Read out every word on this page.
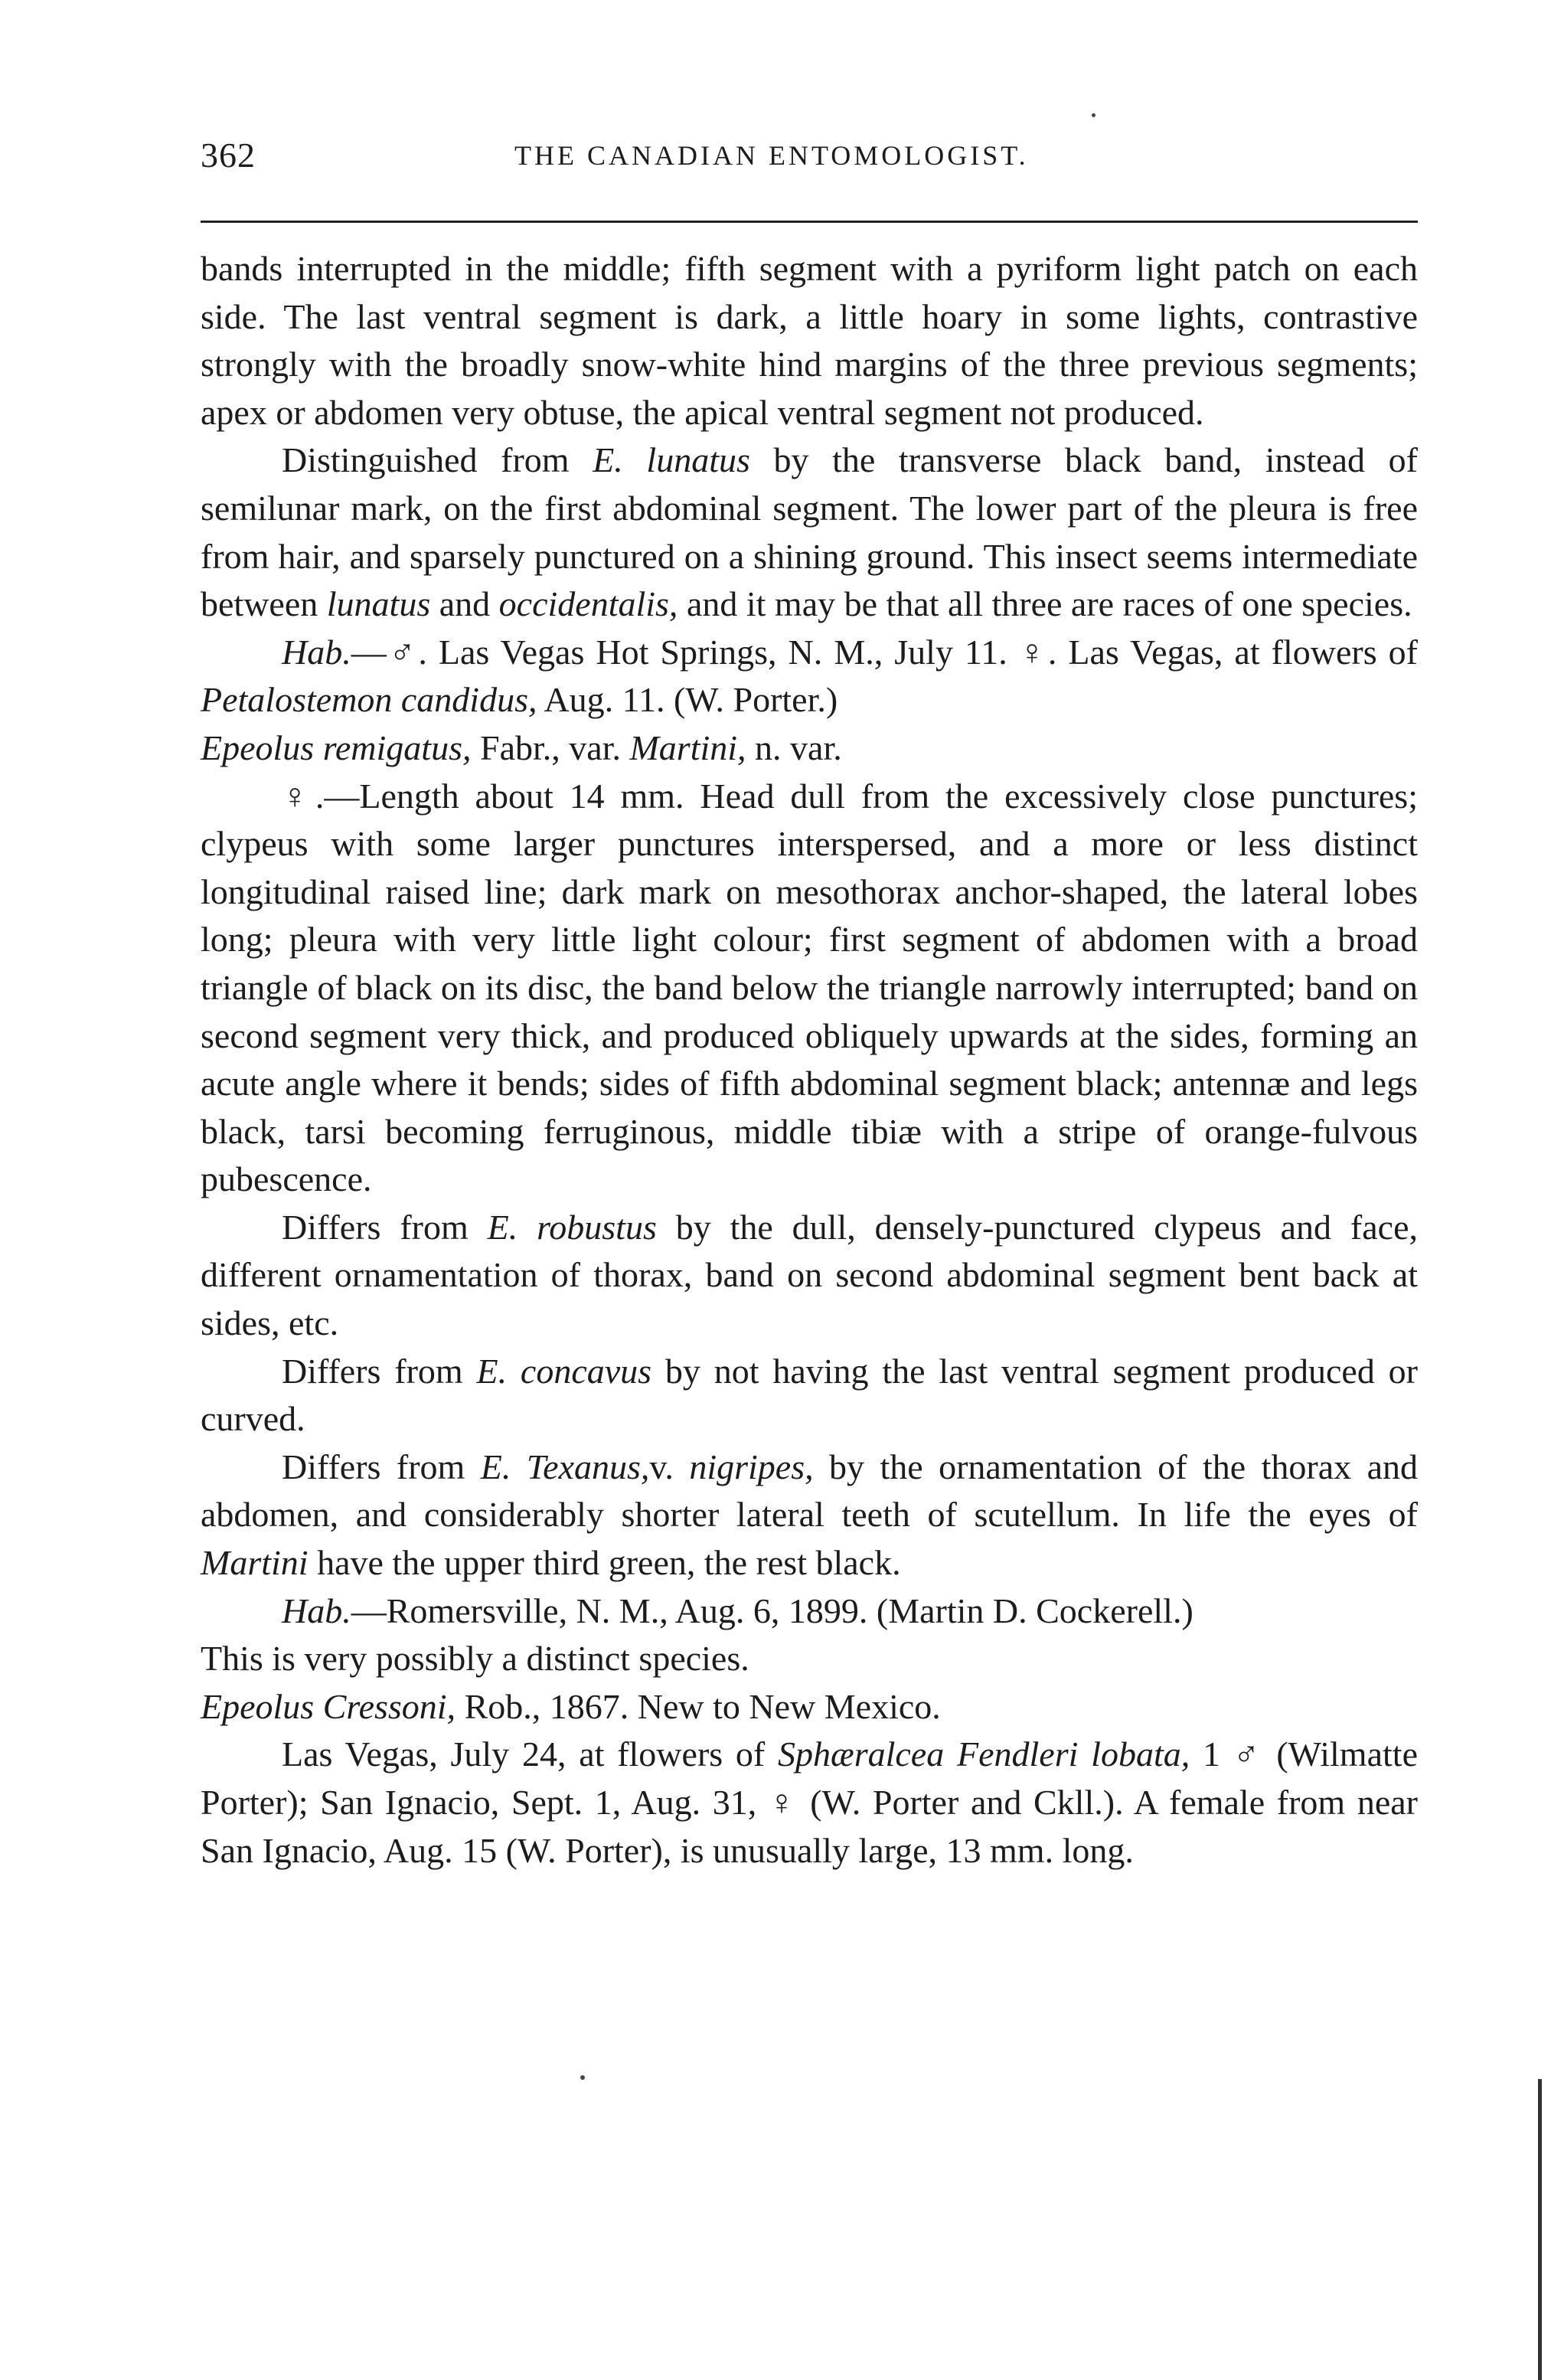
362	THE CANADIAN ENTOMOLOGIST.

bands interrupted in the middle; fifth segment with a pyriform light patch on each side. The last ventral segment is dark, a little hoary in some lights, contrastive strongly with the broadly snow-white hind margins of the three previous segments; apex or abdomen very obtuse, the apical ventral segment not produced.

Distinguished from E. lunatus by the transverse black band, instead of semilunar mark, on the first abdominal segment. The lower part of the pleura is free from hair, and sparsely punctured on a shining ground. This insect seems intermediate between lunatus and occidentalis, and it may be that all three are races of one species.

Hab.—♂. Las Vegas Hot Springs, N. M., July 11. ♀. Las Vegas, at flowers of Petalostemon candidus, Aug. 11. (W. Porter.)

Epeolus remigatus, Fabr., var. Martini, n. var.

♀.—Length about 14 mm. Head dull from the excessively close punctures; clypeus with some larger punctures interspersed, and a more or less distinct longitudinal raised line; dark mark on mesothorax anchor-shaped, the lateral lobes long; pleura with very little light colour; first segment of abdomen with a broad triangle of black on its disc, the band below the triangle narrowly interrupted; band on second segment very thick, and produced obliquely upwards at the sides, forming an acute angle where it bends; sides of fifth abdominal segment black; antennæ and legs black, tarsi becoming ferruginous, middle tibiæ with a stripe of orange-fulvous pubescence.

Differs from E. robustus by the dull, densely-punctured clypeus and face, different ornamentation of thorax, band on second abdominal segment bent back at sides, etc.

Differs from E. concavus by not having the last ventral segment produced or curved.

Differs from E. Texanus,v. nigripes, by the ornamentation of the thorax and abdomen, and considerably shorter lateral teeth of scutellum. In life the eyes of Martini have the upper third green, the rest black.

Hab.—Romersville, N. M., Aug. 6, 1899. (Martin D. Cockerell.)

This is very possibly a distinct species.

Epeolus Cressoni, Rob., 1867. New to New Mexico.

Las Vegas, July 24, at flowers of Sphæralcea Fendleri lobata, 1 ♂ (Wilmatte Porter); San Ignacio, Sept. 1, Aug. 31, ♀ (W. Porter and Ckll.). A female from near San Ignacio, Aug. 15 (W. Porter), is unusually large, 13 mm. long.
